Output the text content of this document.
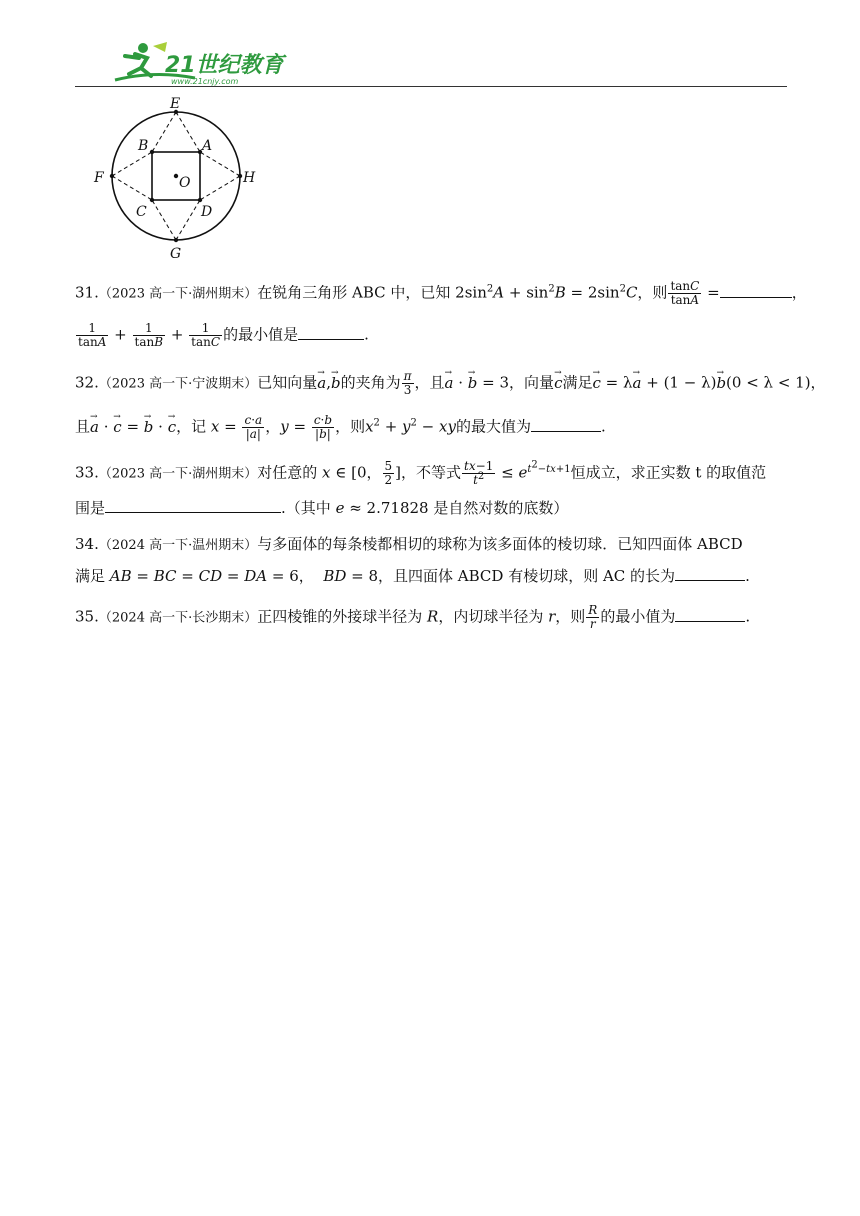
21世纪教育
www.21cnjy.com
E
B	A
F	O	H
C	D
G
31.（2023 高一下·湖州期末）在锐角三角形 ABC 中，已知 $2\sin^2A + \sin^2B = 2\sin^2C$，则 $\frac{\tan C}{\tan A}$ =	，
$\frac{1}{\tan A} + \frac{1}{\tan B} + \frac{1}{\tan C}$ 的最小值是	.
32.（2023 高一下·宁波期末）已知向量→ a,→ b的夹角为 $\frac{\pi}{3}$ ，且→ a · → b = 3，向量→ c满足→ c = λ→ a + (1 − λ)→ b(0 < λ < 1)，
且→ a · → c = → b · → c，记 $x = \frac{c\cdot a}{|a|}$ ，$y = \frac{c\cdot b}{|b|}$ ，则$x^2 + y^2$ − xy的最大值为	.
33.（2023 高一下·湖州期末）对任意的 x ∈ [0， $\frac{5}{2}$ ]，不等式 $\frac{tx-1}{t^2} \le e^{t^2-tx+1}$恒成立，求正实数 t 的取值范
围是	.（其中 e ≈ 2.71828 是自然对数的底数）
34.（2024 高一下·温州期末）与多面体的每条棱都相切的球称为该多面体的棱切球．已知四面体 ABCD
满足 AB = BC = CD = DA = 6，  BD = 8，且四面体 ABCD 有棱切球，则 AC 的长为	.
35.（2024 高一下·长沙期末）正四棱锥的外接球半径为 R，内切球半径为 r，则 $\frac{R}{r}$ 的最小值为	.
